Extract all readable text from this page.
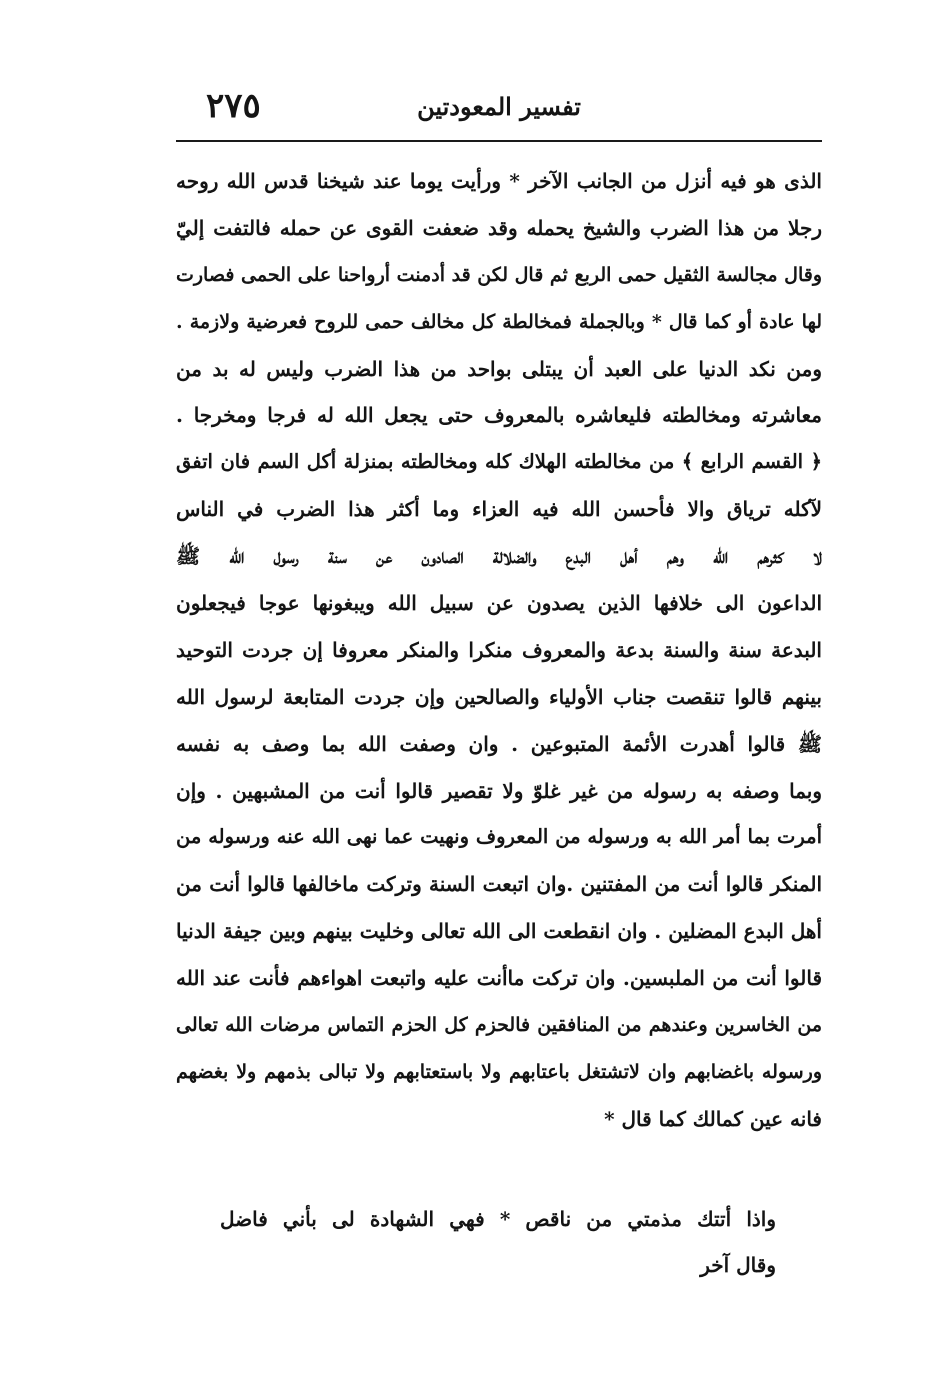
٢٧٥	تفسير المعودتين
الذى هو فيه أنزل من الجانب الآخر * ورأيت يوما عند شيخنا قدس الله روحه
رجلا من هذا الضرب والشيخ يحمله وقد ضعفت القوى عن حمله فالتفت إليّ
وقال مجالسة الثقيل حمى الربع ثم قال لكن قد أدمنت أرواحنا على الحمى فصارت
لها عادة أو كما قال * وبالجملة فمخالطة كل مخالف حمى للروح فعرضية ولازمة .
ومن نكد الدنيا على العبد أن يبتلى بواحد من هذا الضرب وليس له بد من
معاشرته ومخالطته فليعاشره بالمعروف حتى يجعل الله له فرجا ومخرجا .
﴿ القسم الرابع ﴾ من مخالطته الهلاك كله ومخالطته بمنزلة أكل السم فان اتفق
لآكله ترياق والا فأحسن الله فيه العزاء وما أكثر هذا الضرب في الناس
لا كثرهم الله وهم أهل البدع والضلالة الصادون عن سنة رسول الله ﷺ
الداعون الى خلافها الذين يصدون عن سبيل الله ويبغونها عوجا فيجعلون
البدعة سنة والسنة بدعة والمعروف منكرا والمنكر معروفا إن جردت التوحيد
بينهم قالوا تنقصت جناب الأولياء والصالحين وإن جردت المتابعة لرسول الله
ﷺ قالوا أهدرت الأئمة المتبوعين . وان وصفت الله بما وصف به نفسه
وبما وصفه به رسوله من غير غلوّ ولا تقصير قالوا أنت من المشبهين . وإن
أمرت بما أمر الله به ورسوله من المعروف ونهيت عما نهى الله عنه ورسوله من
المنكر قالوا أنت من المفتنين .وان اتبعت السنة وتركت ماخالفها قالوا أنت من
أهل البدع المضلين . وان انقطعت الى الله تعالى وخليت بينهم وبين جيفة الدنيا
قالوا أنت من الملبسين. وان تركت ماأنت عليه واتبعت اهواءهم فأنت عند الله
من الخاسرين وعندهم من المنافقين فالحزم كل الحزم التماس مرضات الله تعالى
ورسوله باغضابهم وان لاتشتغل باعتابهم ولا باستعتابهم ولا تبالى بذمهم ولا بغضهم
فانه عين كمالك كما قال *
واذا أتتك مذمتي من ناقص * فهي الشهادة لى بأني فاضل
وقال آخر
